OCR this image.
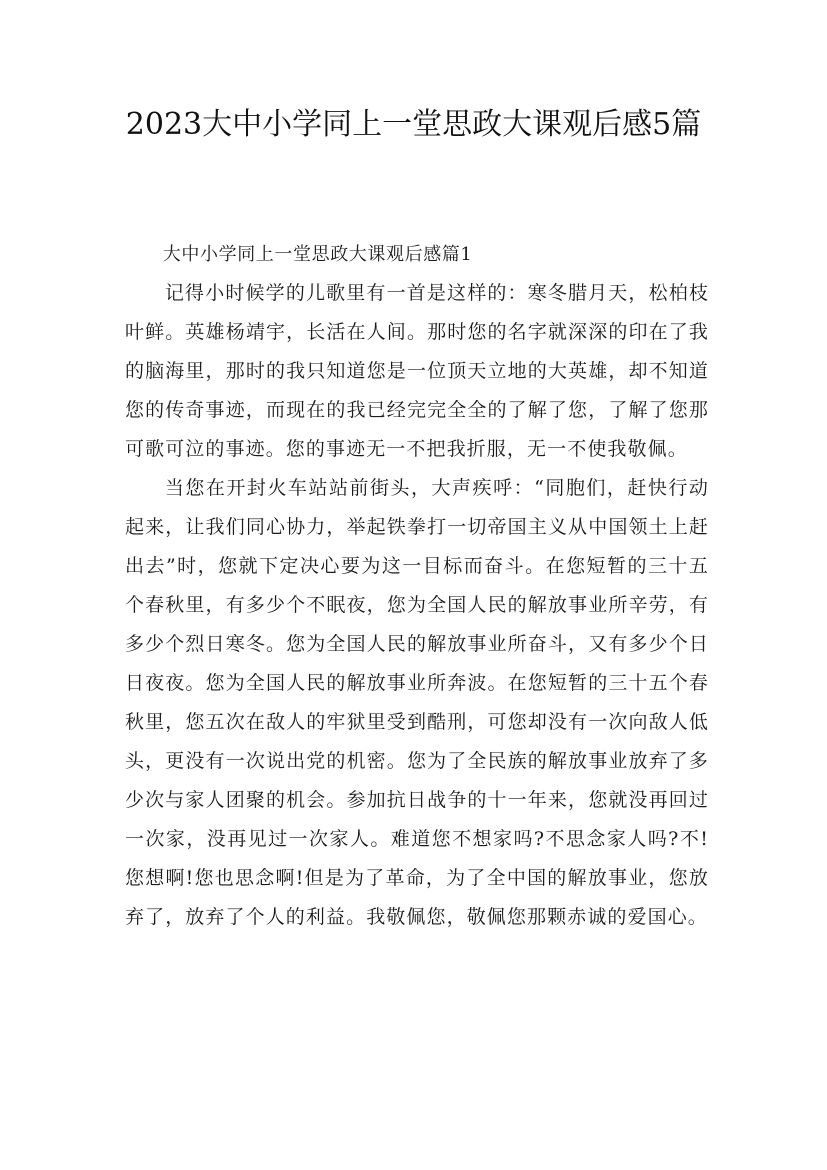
2023大中小学同上一堂思政大课观后感5篇

大中小学同上一堂思政大课观后感篇1

记得小时候学的儿歌里有一首是这样的：寒冬腊月天，松柏枝叶鲜。英雄杨靖宇，长活在人间。那时您的名字就深深的印在了我的脑海里，那时的我只知道您是一位顶天立地的大英雄，却不知道您的传奇事迹，而现在的我已经完完全全的了解了您，了解了您那可歌可泣的事迹。您的事迹无一不把我折服，无一不使我敬佩。

当您在开封火车站站前街头，大声疾呼：“同胞们，赶快行动起来，让我们同心协力，举起铁拳打一切帝国主义从中国领土上赶出去”时，您就下定决心要为这一目标而奋斗。在您短暂的三十五个春秋里，有多少个不眠夜，您为全国人民的解放事业所辛劳，有多少个烈日寒冬。您为全国人民的解放事业所奋斗，又有多少个日日夜夜。您为全国人民的解放事业所奔波。在您短暂的三十五个春秋里，您五次在敌人的牢狱里受到酷刑，可您却没有一次向敌人低头，更没有一次说出党的机密。您为了全民族的解放事业放弃了多少次与家人团聚的机会。参加抗日战争的十一年来，您就没再回过一次家，没再见过一次家人。难道您不想家吗?不思念家人吗?不!您想啊!您也思念啊!但是为了革命，为了全中国的解放事业，您放弃了，放弃了个人的利益。我敬佩您，敬佩您那颗赤诚的爱国心。
